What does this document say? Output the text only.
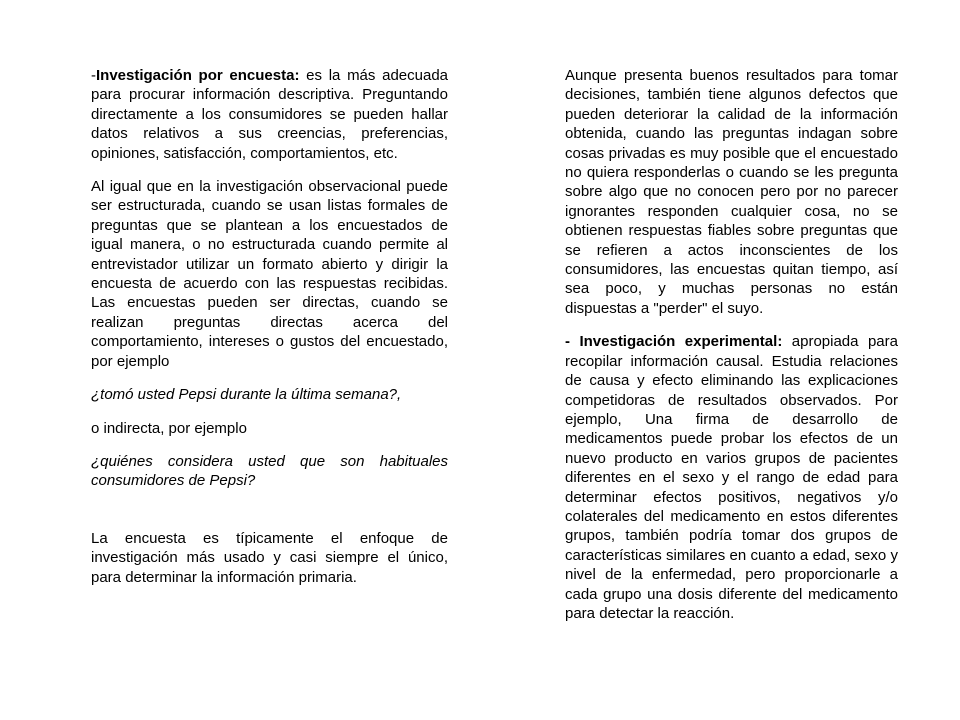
-Investigación por encuesta: es la más adecuada para procurar información descriptiva. Preguntando directamente a los consumidores se pueden hallar datos relativos a sus creencias, preferencias, opiniones, satisfacción, comportamientos, etc.

Al igual que en la investigación observacional puede ser estructurada, cuando se usan listas formales de preguntas que se plantean a los encuestados de igual manera, o no estructurada cuando permite al entrevistador utilizar un formato abierto y dirigir la encuesta de acuerdo con las respuestas recibidas. Las encuestas pueden ser directas, cuando se realizan preguntas directas acerca del comportamiento, intereses o gustos del encuestado, por ejemplo

¿tomó usted Pepsi durante la última semana?,

o indirecta, por ejemplo

¿quiénes considera usted que son habituales consumidores de Pepsi?

La encuesta es típicamente el enfoque de investigación más usado y casi siempre el único, para determinar la información primaria.

Aunque presenta buenos resultados para tomar decisiones, también tiene algunos defectos que pueden deteriorar la calidad de la información obtenida, cuando las preguntas indagan sobre cosas privadas es muy posible que el encuestado no quiera responderlas o cuando se les pregunta sobre algo que no conocen pero por no parecer ignorantes responden cualquier cosa, no se obtienen respuestas fiables sobre preguntas que se refieren a actos inconscientes de los consumidores, las encuestas quitan tiempo, así sea poco, y muchas personas no están dispuestas a "perder" el suyo.

- Investigación experimental: apropiada para recopilar información causal. Estudia relaciones de causa y efecto eliminando las explicaciones competidoras de resultados observados. Por ejemplo, Una firma de desarrollo de medicamentos puede probar los efectos de un nuevo producto en varios grupos de pacientes diferentes en el sexo y el rango de edad para determinar efectos positivos, negativos y/o colaterales del medicamento en estos diferentes grupos, también podría tomar dos grupos de características similares en cuanto a edad, sexo y nivel de la enfermedad, pero proporcionarle a cada grupo una dosis diferente del medicamento para detectar la reacción.
